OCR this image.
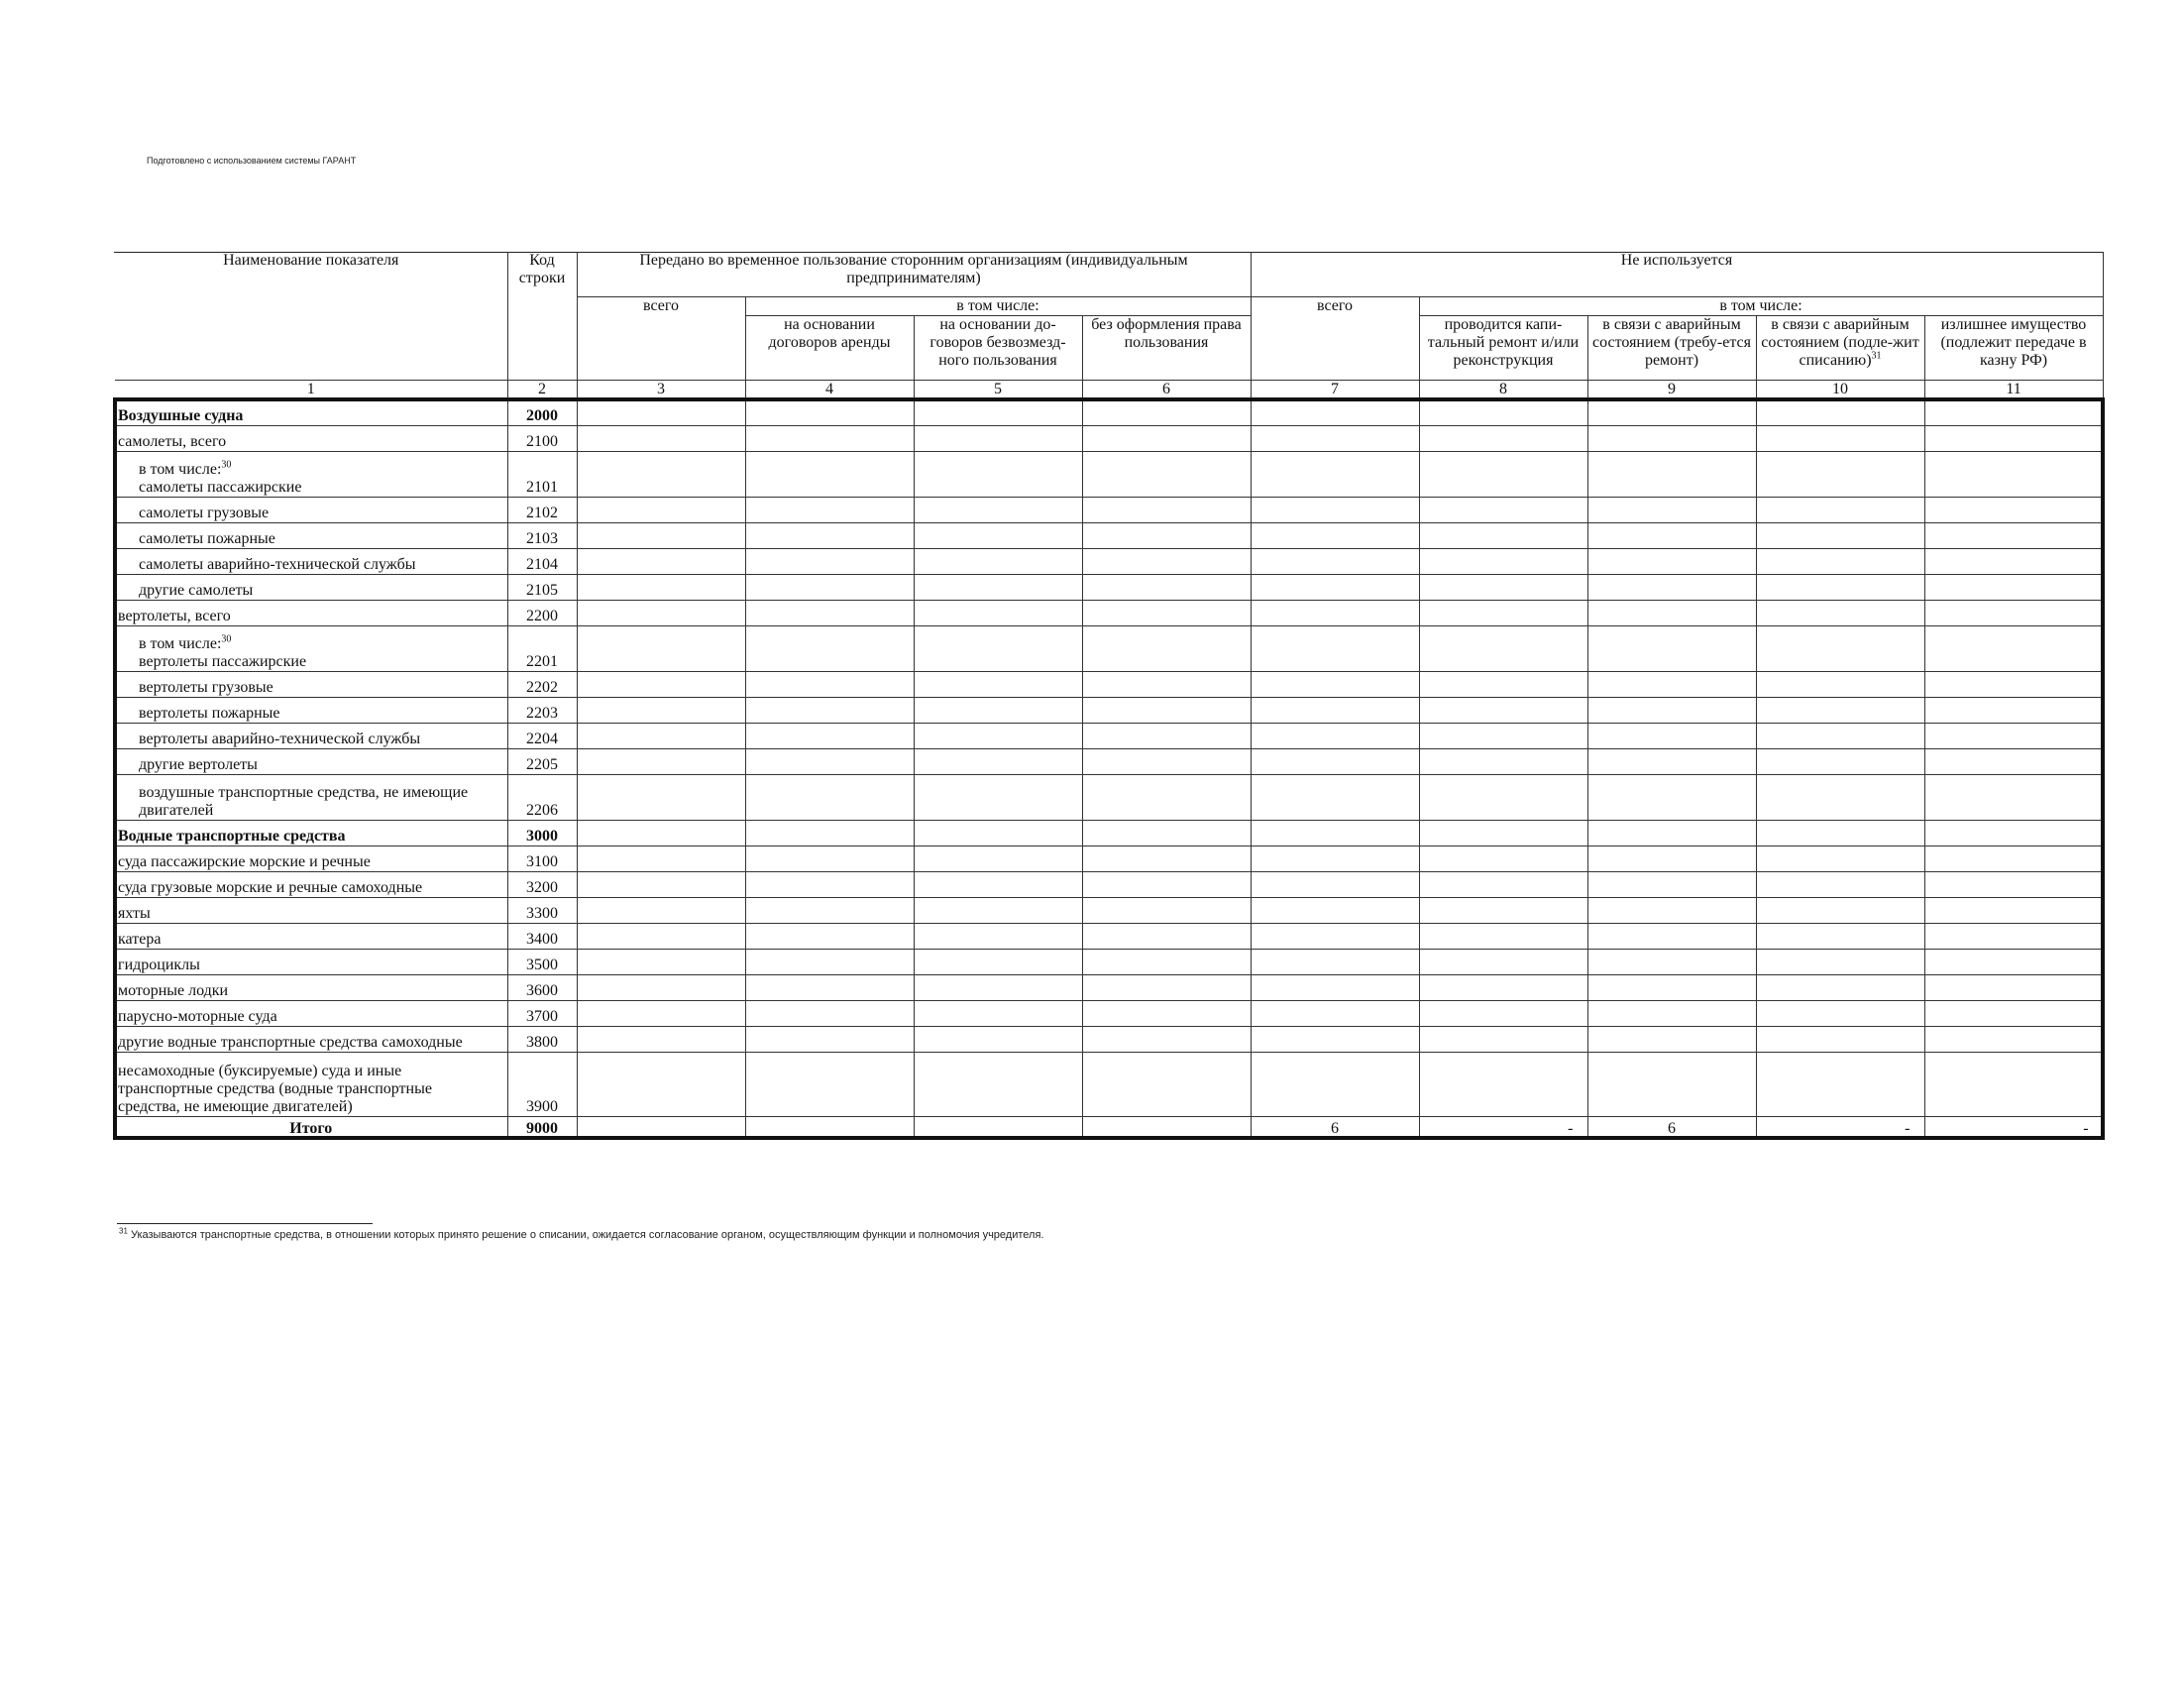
Подготовлено с использованием системы ГАРАНТ
Наименование показателя	Код строки	Передано во временное пользование сторонним организациям (индивидуальным предпринимателям)				Не используется				
		всего	в том числе:			всего	в том числе:			
			на основании договоров аренды	на основании до-говоров безвозмезд-ного пользования	без оформления права пользования		проводится капи-тальный ремонт и/или реконструкция	в связи с аварийным состоянием (требу-ется ремонт)	в связи с аварийным состоянием (подле-жит списанию)$^{31}$	излишнее имущество (подлежит передаче в казну РФ)
1	2	3	4	5	6	7	8	9	10	11

Воздушные судна	2000									

самолеты, всего	2100									

в том числе:$^{30}$
самолеты пассажирские	2101									

самолеты грузовые	2102									

самолеты пожарные	2103									

самолеты аварийно-технической службы	2104									

другие самолеты	2105									

вертолеты, всего	2200									

в том числе:$^{30}$
вертолеты пассажирские	2201									

вертолеты грузовые	2202									

вертолеты пожарные	2203									

вертолеты аварийно-технической службы	2204									

другие вертолеты	2205									

воздушные транспортные средства, не имеющие
двигателей	2206									

Водные транспортные средства	3000									

суда пассажирские морские и речные	3100									

суда грузовые морские и речные самоходные	3200									

яхты	3300									

катера	3400									

гидроциклы	3500									

моторные лодки	3600									

парусно-моторные суда	3700									

другие водные транспортные средства самоходные	3800									

несамоходные (буксируемые) суда и иные
транспортные средства (водные транспортные
средства, не имеющие двигателей)	3900									
Итого	9000					6	-	6	-	-
$^{31}$ Указываются транспортные средства, в отношении которых принято решение о списании, ожидается согласование органом, осуществляющим функции и полномочия учредителя.
